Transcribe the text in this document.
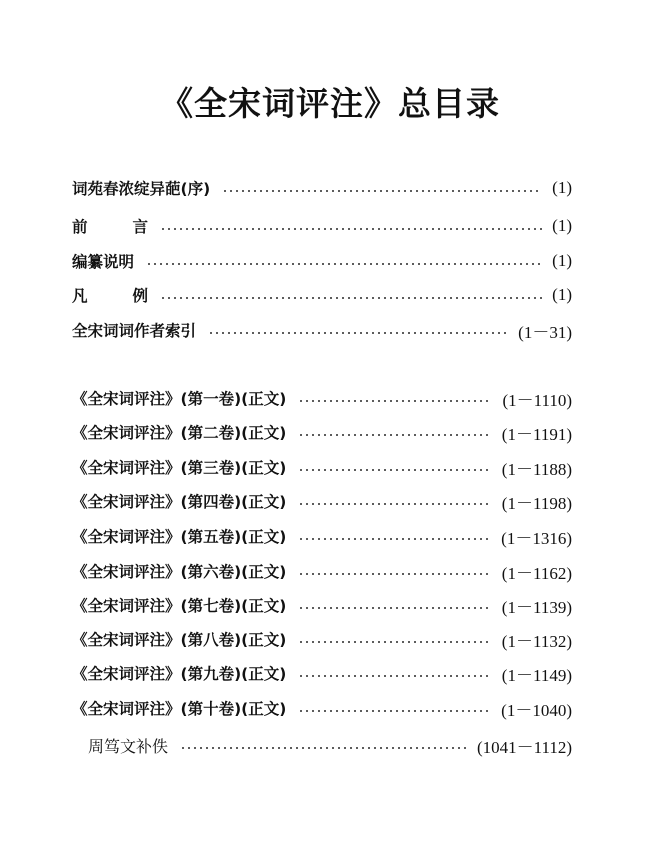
《全宋词评注》总目录
词苑春浓绽异葩(序)	(1)
前	言	(1)
编纂说明	(1)
凡	例	(1)
全宋词词作者索引	(1－31)
《全宋词评注》(第一卷)(正文)	(1－1110)
《全宋词评注》(第二卷)(正文)	(1－1191)
《全宋词评注》(第三卷)(正文)	(1－1188)
《全宋词评注》(第四卷)(正文)	(1－1198)
《全宋词评注》(第五卷)(正文)	(1－1316)
《全宋词评注》(第六卷)(正文)	(1－1162)
《全宋词评注》(第七卷)(正文)	(1－1139)
《全宋词评注》(第八卷)(正文)	(1－1132)
《全宋词评注》(第九卷)(正文)	(1－1149)
《全宋词评注》(第十卷)(正文)	(1－1040)
周笃文补佚	(1041－1112)
